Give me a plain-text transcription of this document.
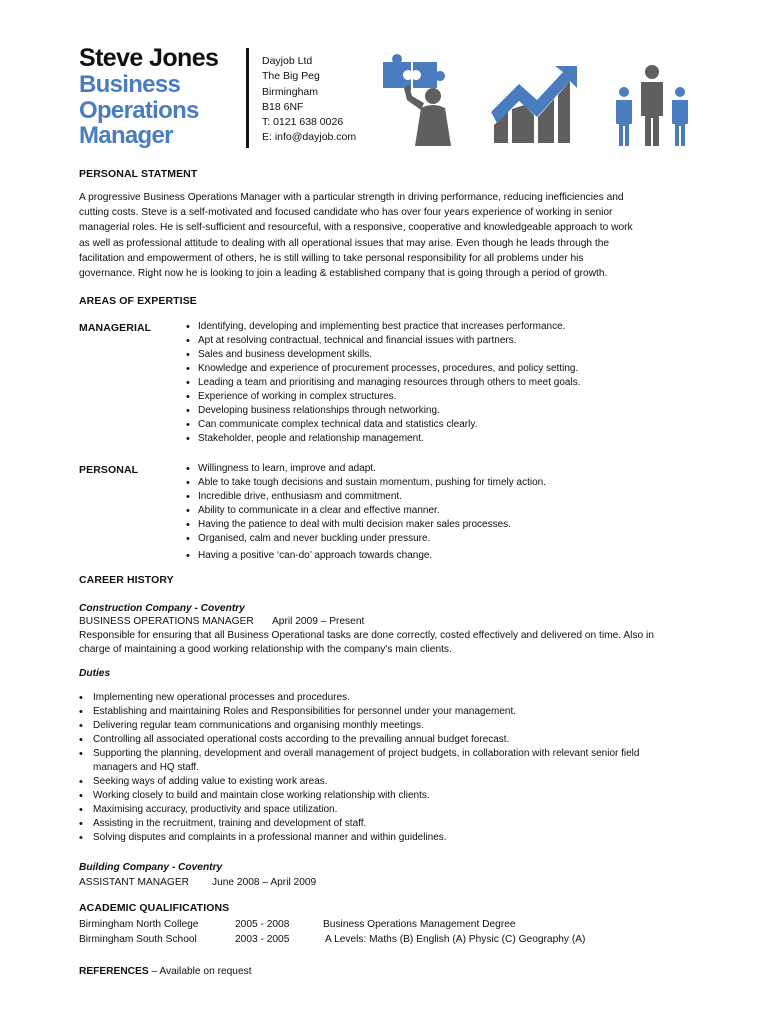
Steve Jones
Business
Operations
Manager
Dayjob Ltd
The Big Peg
Birmingham
B18 6NF
T: 0121 638 0026
E: info@dayjob.com
PERSONAL STATMENT
A progressive Business Operations Manager with a particular strength in driving performance, reducing inefficiencies and
cutting costs. Steve is a self-motivated and focused candidate who has over four years experience of working in senior
managerial roles. He is self-sufficient and resourceful, with a responsive, cooperative and knowledgeable approach to work
as well as professional attitude to dealing with all operational issues that may arise. Even though he leads through the
facilitation and empowerment of others, he is still willing to take personal responsibility for all problems under his
governance. Right now he is looking to join a leading & established company that is going through a period of growth.
AREAS OF EXPERTISE
MANAGERIAL	• Identifying, developing and implementing best practice that increases performance.
• Apt at resolving contractual, technical and financial issues with partners.
• Sales and business development skills.
• Knowledge and experience of procurement processes, procedures, and policy setting.
• Leading a team and prioritising and managing resources through others to meet goals.
• Experience of working in complex structures.
• Developing business relationships through networking.
• Can communicate complex technical data and statistics clearly.
• Stakeholder, people and relationship management.
PERSONAL	• Willingness to learn, improve and adapt.
• Able to take tough decisions and sustain momentum, pushing for timely action.
• Incredible drive, enthusiasm and commitment.
• Ability to communicate in a clear and effective manner.
• Having the patience to deal with multi decision maker sales processes.
• Organised, calm and never buckling under pressure.
• Having a positive ‘can-do’ approach towards change.
CAREER HISTORY
Construction Company - Coventry
BUSINESS OPERATIONS MANAGER April 2009 – Present
Responsible for ensuring that all Business Operational tasks are done correctly, costed effectively and delivered on time. Also in
charge of maintaining a good working relationship with the company's main clients.
Duties
• Implementing new operational processes and procedures.
• Establishing and maintaining Roles and Responsibilities for personnel under your management.
• Delivering regular team communications and organising monthly meetings.
• Controlling all associated operational costs according to the prevailing annual budget forecast.
• Supporting the planning, development and overall management of project budgets, in collaboration with relevant senior field managers and HQ staff.
• Seeking ways of adding value to existing work areas.
• Working closely to build and maintain close working relationship with clients.
• Maximising accuracy, productivity and space utilization.
• Assisting in the recruitment, training and development of staff.
• Solving disputes and complaints in a professional manner and within guidelines.
Building Company - Coventry
ASSISTANT MANAGER June 2008 – April 2009
ACADEMIC QUALIFICATIONS
Birmingham North College	2005 - 2008	Business Operations Management Degree
Birmingham South School	2003 - 2005	A Levels: Maths (B) English (A) Physic (C) Geography (A)
REFERENCES – Available on request
